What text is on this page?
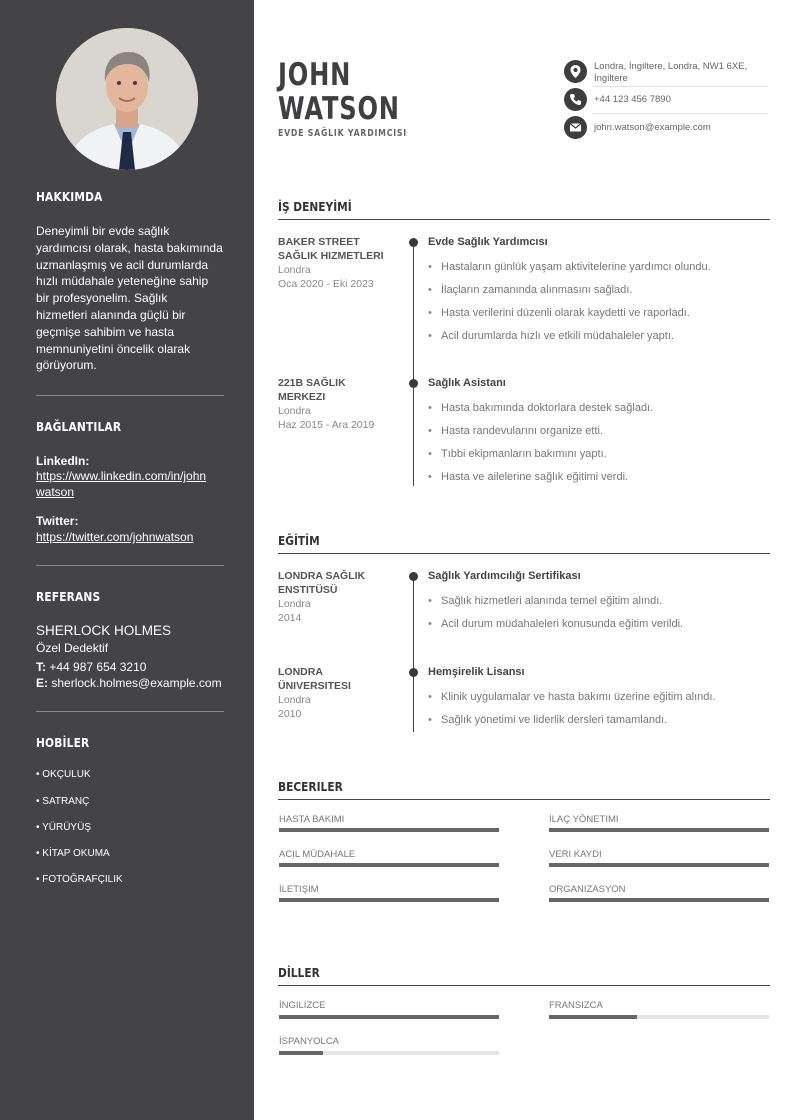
HAKKIMDA
Deneyimli bir evde sağlık
yardımcısı olarak, hasta bakımında
uzmanlaşmış ve acil durumlarda
hızlı müdahale yeteneğine sahip
bir profesyonelim. Sağlık
hizmetleri alanında güçlü bir
geçmişe sahibim ve hasta
memnuniyetini öncelik olarak
görüyorum.
BAĞLANTILAR
LinkedIn:
https://www.linkedin.com/in/john
watson
Twitter:
https://twitter.com/johnwatson
REFERANS
SHERLOCK HOLMES
Özel Dedektif
T: +44 987 654 3210
E: sherlock.holmes@example.com
HOBİLER
• OKÇULUK
• SATRANÇ
• YÜRÜYÜŞ
• KİTAP OKUMA
• FOTOĞRAFÇILIK
JOHN
WATSON
EVDE SAĞLIK YARDIMCISI
Londra, İngiltere, Londra, NW1 6XE,
İngiltere
+44 123 456 7890
john.watson@example.com
İŞ DENEYİMİ
BAKER STREET
SAĞLIK HIZMETLERI
Londra
Oca 2020 - Eki 2023
Evde Sağlık Yardımcısı
• Hastaların günlük yaşam aktivitelerine yardımcı olundu.
• İlaçların zamanında alınmasını sağladı.
• Hasta verilerini düzenli olarak kaydetti ve raporladı.
• Acil durumlarda hızlı ve etkili müdahaleler yaptı.
221B SAĞLIK
MERKEZI
Londra
Haz 2015 - Ara 2019
Sağlık Asistanı
• Hasta bakımında doktorlara destek sağladı.
• Hasta randevularını organize etti.
• Tıbbi ekipmanların bakımını yaptı.
• Hasta ve ailelerine sağlık eğitimi verdi.
EĞİTİM
LONDRA SAĞLIK
ENSTITÜSÜ
Londra
2014
Sağlık Yardımcılığı Sertifikası
• Sağlık hizmetleri alanında temel eğitim alındı.
• Acil durum müdahaleleri konusunda eğitim verildi.
LONDRA
ÜNIVERSITESI
Londra
2010
Hemşirelik Lisansı
• Klinik uygulamalar ve hasta bakımı üzerine eğitim alındı.
• Sağlık yönetimi ve liderlik dersleri tamamlandı.
BECERILER
HASTA BAKIMI	İLAÇ YÖNETIMI
ACIL MÜDAHALE	VERI KAYDI
İLETIŞIM	ORGANIZASYON
DİLLER
İNGILIZCE	FRANSIZCA
İSPANYOLCA
